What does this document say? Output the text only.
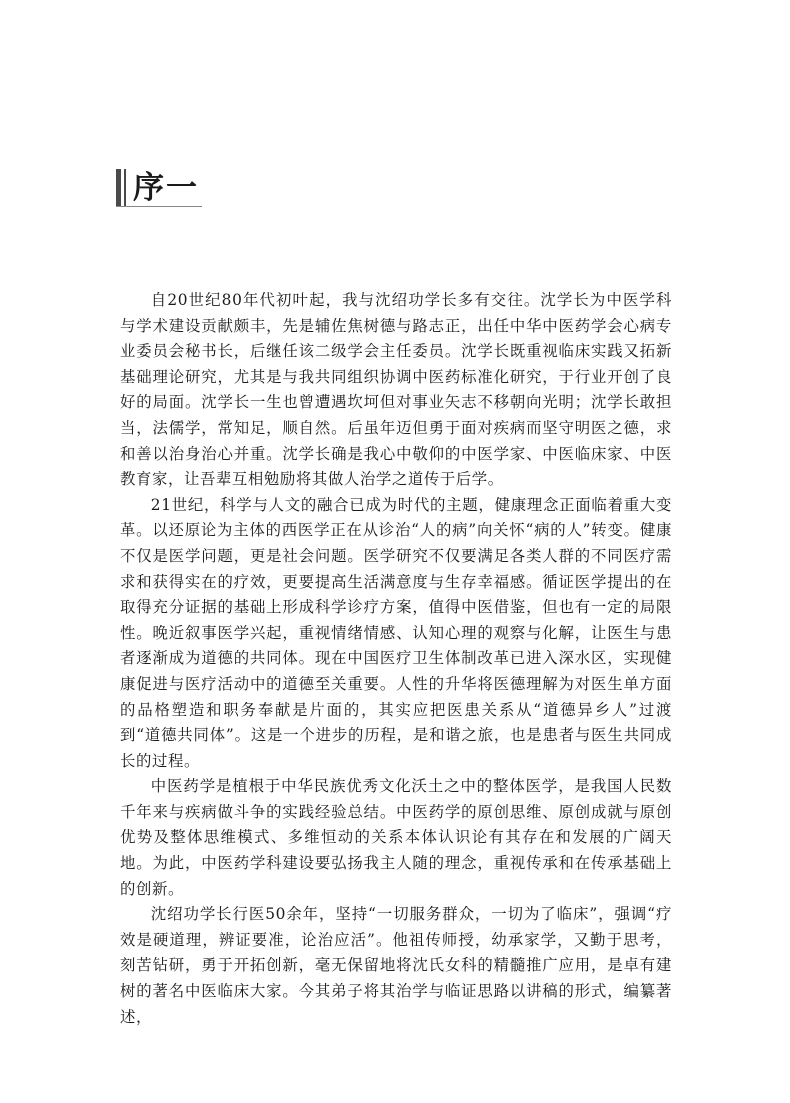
序一

自20世纪80年代初叶起，我与沈绍功学长多有交往。沈学长为中医学科与学术建设贡献颇丰，先是辅佐焦树德与路志正，出任中华中医药学会心病专业委员会秘书长，后继任该二级学会主任委员。沈学长既重视临床实践又拓新基础理论研究，尤其是与我共同组织协调中医药标准化研究，于行业开创了良好的局面。沈学长一生也曾遭遇坎坷但对事业矢志不移朝向光明；沈学长敢担当，法儒学，常知足，顺自然。后虽年迈但勇于面对疾病而坚守明医之德，求和善以治身治心并重。沈学长确是我心中敬仰的中医学家、中医临床家、中医教育家，让吾辈互相勉励将其做人治学之道传于后学。

21世纪，科学与人文的融合已成为时代的主题，健康理念正面临着重大变革。以还原论为主体的西医学正在从诊治“人的病”向关怀“病的人”转变。健康不仅是医学问题，更是社会问题。医学研究不仅要满足各类人群的不同医疗需求和获得实在的疗效，更要提高生活满意度与生存幸福感。循证医学提出的在取得充分证据的基础上形成科学诊疗方案，值得中医借鉴，但也有一定的局限性。晚近叙事医学兴起，重视情绪情感、认知心理的观察与化解，让医生与患者逐渐成为道德的共同体。现在中国医疗卫生体制改革已进入深水区，实现健康促进与医疗活动中的道德至关重要。人性的升华将医德理解为对医生单方面的品格塑造和职务奉献是片面的，其实应把医患关系从“道德异乡人”过渡到“道德共同体”。这是一个进步的历程，是和谐之旅，也是患者与医生共同成长的过程。

中医药学是植根于中华民族优秀文化沃土之中的整体医学，是我国人民数千年来与疾病做斗争的实践经验总结。中医药学的原创思维、原创成就与原创优势及整体思维模式、多维恒动的关系本体认识论有其存在和发展的广阔天地。为此，中医药学科建设要弘扬我主人随的理念，重视传承和在传承基础上的创新。

沈绍功学长行医50余年，坚持“一切服务群众，一切为了临床”，强调“疗效是硬道理，辨证要准，论治应活”。他祖传师授，幼承家学，又勤于思考，刻苦钻研，勇于开拓创新，毫无保留地将沈氏女科的精髓推广应用，是卓有建树的著名中医临床大家。今其弟子将其治学与临证思路以讲稿的形式，编纂著述，
